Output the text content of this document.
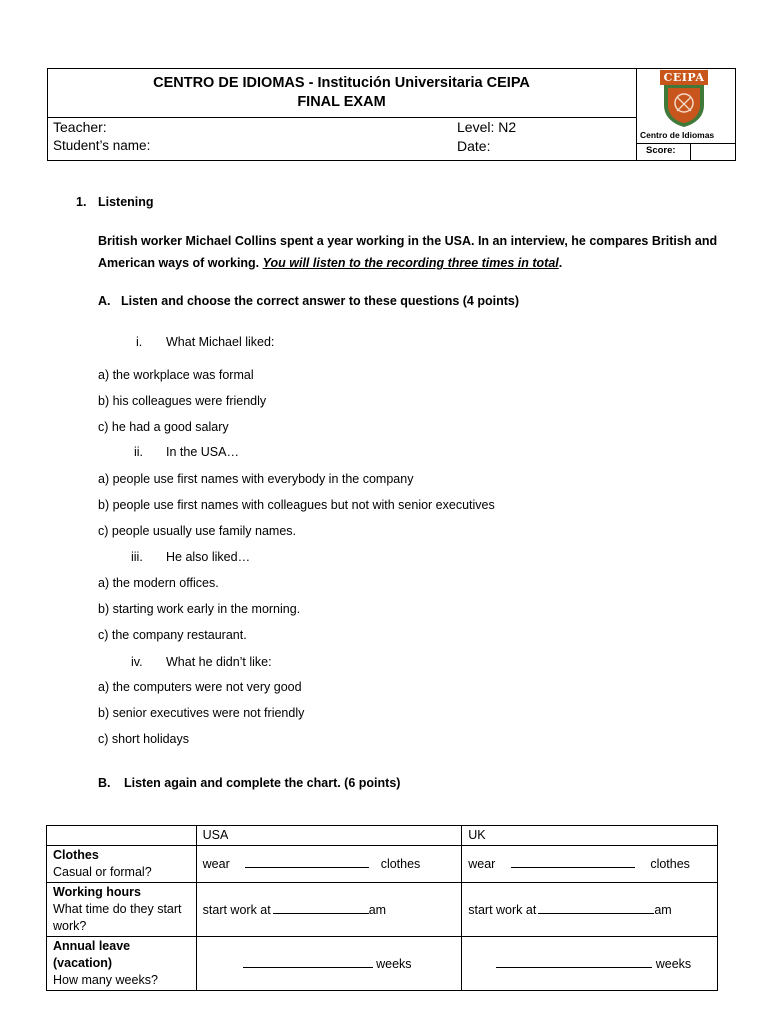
CENTRO DE IDIOMAS - Institución Universitaria CEIPA
FINAL EXAM
Teacher:
Student’s name:
Level: N2
Date:
CEIPA
Centro de Idiomas
Score:
1. Listening
British worker Michael Collins spent a year working in the USA. In an interview, he compares British and
American ways of working. You will listen to the recording three times in total.
A. Listen and choose the correct answer to these questions (4 points)
i. What Michael liked:
a) the workplace was formal
b) his colleagues were friendly
c) he had a good salary
ii. In the USA…
a) people use first names with everybody in the company
b) people use first names with colleagues but not with senior executives
c) people usually use family names.
iii. He also liked…
a) the modern offices.
b) starting work early in the morning.
c) the company restaurant.
iv. What he didn’t like:
a) the computers were not very good
b) senior executives were not friendly
c) short holidays
B. Listen again and complete the chart. (6 points)
	USA	UK

Clothes
Casual or formal?	wear clothes	wear clothes

Working hours
What time do they start work?	start work at am	start work at am

Annual leave (vacation)
How many weeks?	weeks	weeks
